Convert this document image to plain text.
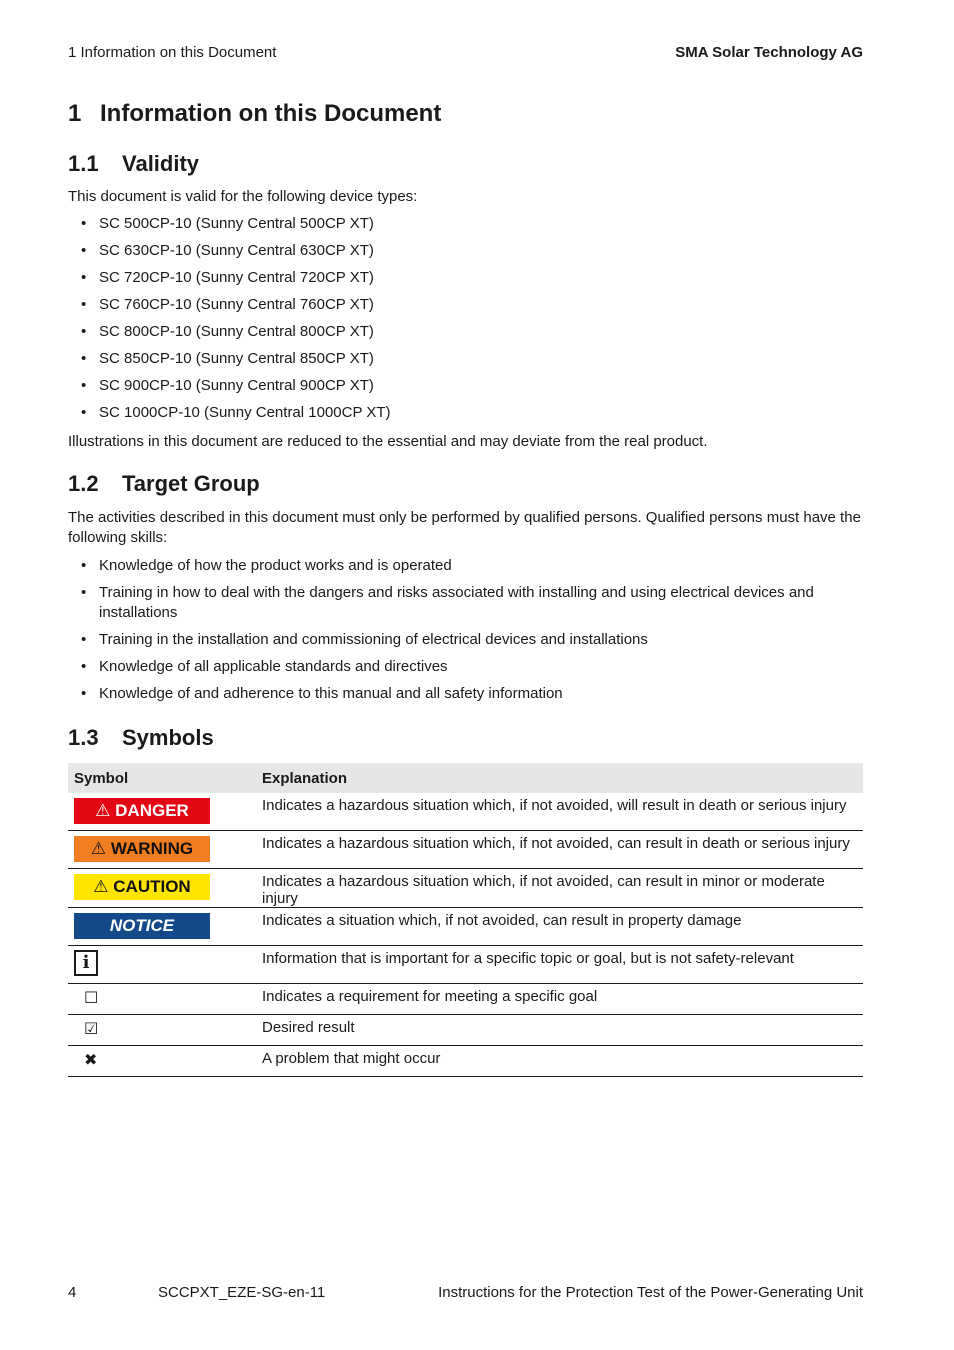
1 Information on this Document	SMA Solar Technology AG
1 Information on this Document
1.1 Validity

This document is valid for the following device types:

• SC 500CP-10 (Sunny Central 500CP XT)
• SC 630CP-10 (Sunny Central 630CP XT)
• SC 720CP-10 (Sunny Central 720CP XT)
• SC 760CP-10 (Sunny Central 760CP XT)
• SC 800CP-10 (Sunny Central 800CP XT)
• SC 850CP-10 (Sunny Central 850CP XT)
• SC 900CP-10 (Sunny Central 900CP XT)
• SC 1000CP-10 (Sunny Central 1000CP XT)

Illustrations in this document are reduced to the essential and may deviate from the real product.

1.2 Target Group

The activities described in this document must only be performed by qualified persons. Qualified persons must have the following skills:

• Knowledge of how the product works and is operated
• Training in how to deal with the dangers and risks associated with installing and using electrical devices and installations
• Training in the installation and commissioning of electrical devices and installations
• Knowledge of all applicable standards and directives
• Knowledge of and adherence to this manual and all safety information
1.3 Symbols
Symbol	Explanation
⚠ DANGER	Indicates a hazardous situation which, if not avoided, will result in death or serious injury
⚠ WARNING	Indicates a hazardous situation which, if not avoided, can result in death or serious injury
⚠ CAUTION	Indicates a hazardous situation which, if not avoided, can result in minor or moderate injury
NOTICE	Indicates a situation which, if not avoided, can result in property damage
i	Information that is important for a specific topic or goal, but is not safety-relevant
☐	Indicates a requirement for meeting a specific goal
☑	Desired result
✖	A problem that might occur
4	SCCPXT_EZE-SG-en-11	Instructions for the Protection Test of the Power-Generating Unit
